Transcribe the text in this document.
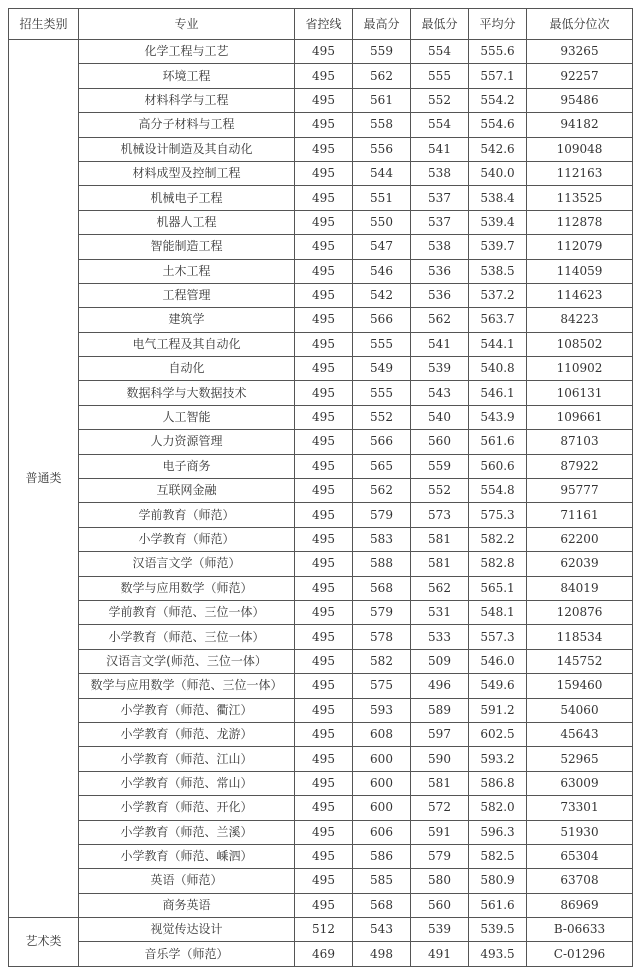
招生类别	专业	省控线	最高分	最低分	平均分	最低分位次
普通类	化学工程与工艺	495	559	554	555.6	93265
	环境工程	495	562	555	557.1	92257
	材料科学与工程	495	561	552	554.2	95486
	高分子材料与工程	495	558	554	554.6	94182
	机械设计制造及其自动化	495	556	541	542.6	109048
	材料成型及控制工程	495	544	538	540.0	112163
	机械电子工程	495	551	537	538.4	113525
	机器人工程	495	550	537	539.4	112878
	智能制造工程	495	547	538	539.7	112079
	土木工程	495	546	536	538.5	114059
	工程管理	495	542	536	537.2	114623
	建筑学	495	566	562	563.7	84223
	电气工程及其自动化	495	555	541	544.1	108502
	自动化	495	549	539	540.8	110902
	数据科学与大数据技术	495	555	543	546.1	106131
	人工智能	495	552	540	543.9	109661
	人力资源管理	495	566	560	561.6	87103
	电子商务	495	565	559	560.6	87922
	互联网金融	495	562	552	554.8	95777
	学前教育（师范）	495	579	573	575.3	71161
	小学教育（师范）	495	583	581	582.2	62200
	汉语言文学（师范）	495	588	581	582.8	62039
	数学与应用数学（师范）	495	568	562	565.1	84019
	学前教育（师范、三位一体）	495	579	531	548.1	120876
	小学教育（师范、三位一体）	495	578	533	557.3	118534
	汉语言文学(师范、三位一体）	495	582	509	546.0	145752
	数学与应用数学（师范、三位一体）	495	575	496	549.6	159460
	小学教育（师范、衢江）	495	593	589	591.2	54060
	小学教育（师范、龙游）	495	608	597	602.5	45643
	小学教育（师范、江山）	495	600	590	593.2	52965
	小学教育（师范、常山）	495	600	581	586.8	63009
	小学教育（师范、开化）	495	600	572	582.0	73301
	小学教育（师范、兰溪）	495	606	591	596.3	51930
	小学教育（师范、嵊泗）	495	586	579	582.5	65304
	英语（师范）	495	585	580	580.9	63708
	商务英语	495	568	560	561.6	86969
艺术类	视觉传达设计	512	543	539	539.5	B-06633
	音乐学（师范）	469	498	491	493.5	C-01296
